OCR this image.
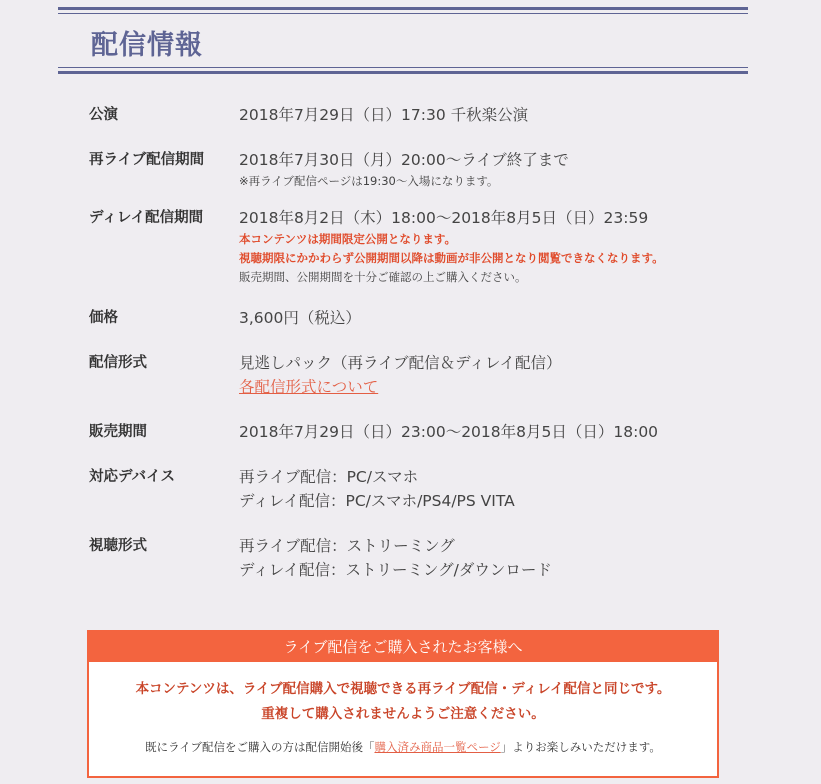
配信情報
公演	2018年7月29日（日）17:30 千秋楽公演
再ライブ配信期間	2018年7月30日（月）20:00～ライブ終了まで
※再ライブ配信ページは19:30～入場になります。
ディレイ配信期間	2018年8月2日（木）18:00～2018年8月5日（日）23:59
本コンテンツは期間限定公開となります。
視聴期限にかかわらず公開期間以降は動画が非公開となり閲覧できなくなります。
販売期間、公開期間を十分ご確認の上ご購入ください。
価格	3,600円（税込）
配信形式	見逃しパック（再ライブ配信＆ディレイ配信）
各配信形式について
販売期間	2018年7月29日（日）23:00～2018年8月5日（日）18:00
対応デバイス	再ライブ配信：PC/スマホ
ディレイ配信：PC/スマホ/PS4/PS VITA
視聴形式	再ライブ配信：ストリーミング
ディレイ配信：ストリーミング/ダウンロード
ライブ配信をご購入されたお客様へ
本コンテンツは、ライブ配信購入で視聴できる再ライブ配信・ディレイ配信と同じです。
重複して購入されませんようご注意ください。
既にライブ配信をご購入の方は配信開始後「購入済み商品一覧ページ」よりお楽しみいただけます。
